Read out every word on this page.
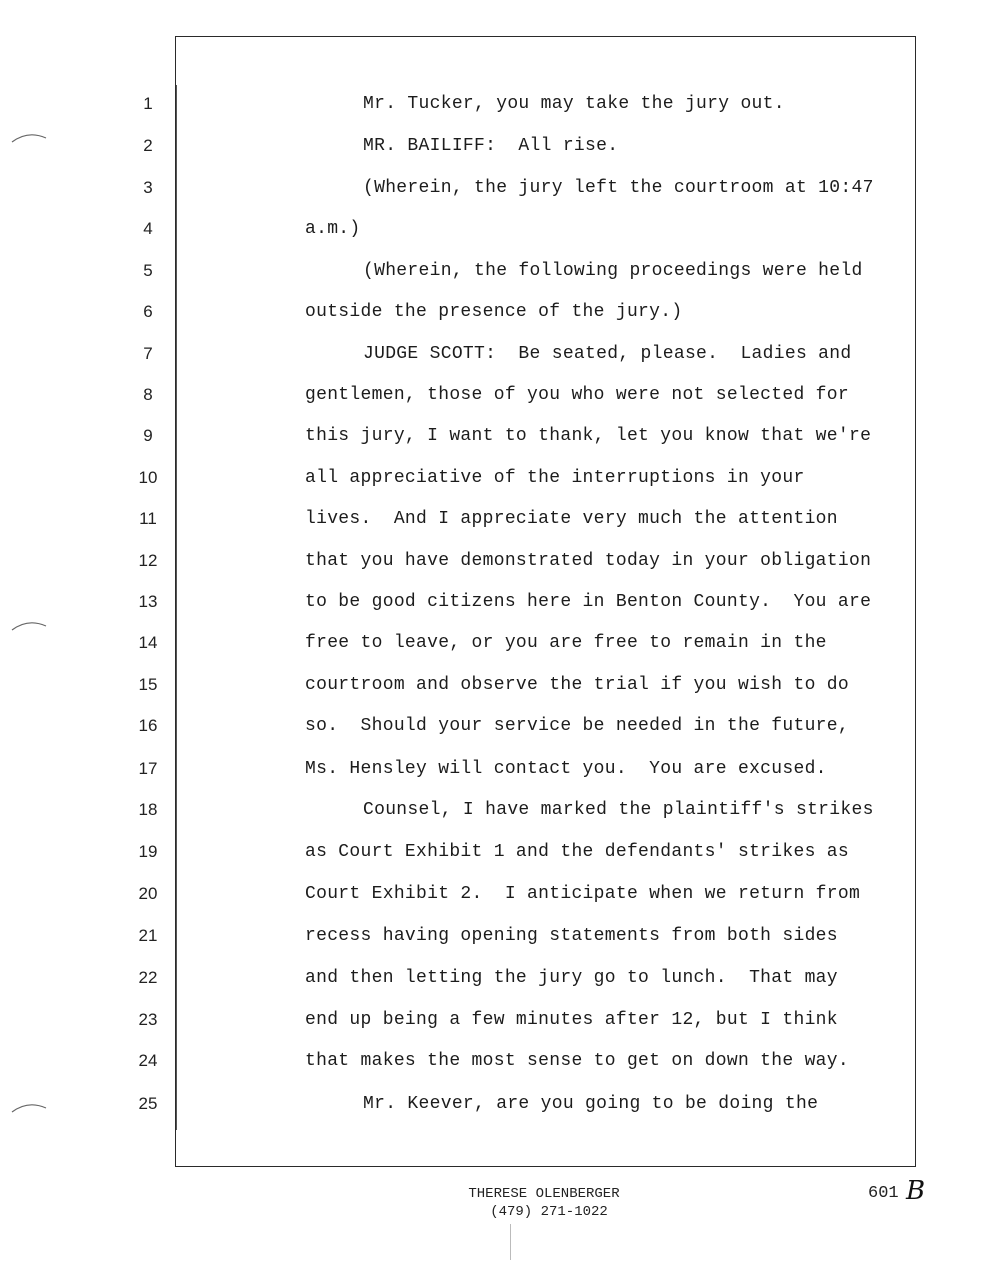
1
2
3
4
5
6
7
8
9
10
11
12
13
14
15
16
17
18
19
20
21
22
23
24
25
Mr. Tucker, you may take the jury out.
MR. BAILIFF:  All rise.
(Wherein, the jury left the courtroom at 10:47
a.m.)
(Wherein, the following proceedings were held
outside the presence of the jury.)
JUDGE SCOTT:  Be seated, please.  Ladies and
gentlemen, those of you who were not selected for
this jury, I want to thank, let you know that we're
all appreciative of the interruptions in your
lives.  And I appreciate very much the attention
that you have demonstrated today in your obligation
to be good citizens here in Benton County.  You are
free to leave, or you are free to remain in the
courtroom and observe the trial if you wish to do
so.  Should your service be needed in the future,
Ms. Hensley will contact you.  You are excused.
Counsel, I have marked the plaintiff's strikes
as Court Exhibit 1 and the defendants' strikes as
Court Exhibit 2.  I anticipate when we return from
recess having opening statements from both sides
and then letting the jury go to lunch.  That may
end up being a few minutes after 12, but I think
that makes the most sense to get on down the way.
Mr. Keever, are you going to be doing the
THERESE OLENBERGER
(479) 271-1022
601 B
